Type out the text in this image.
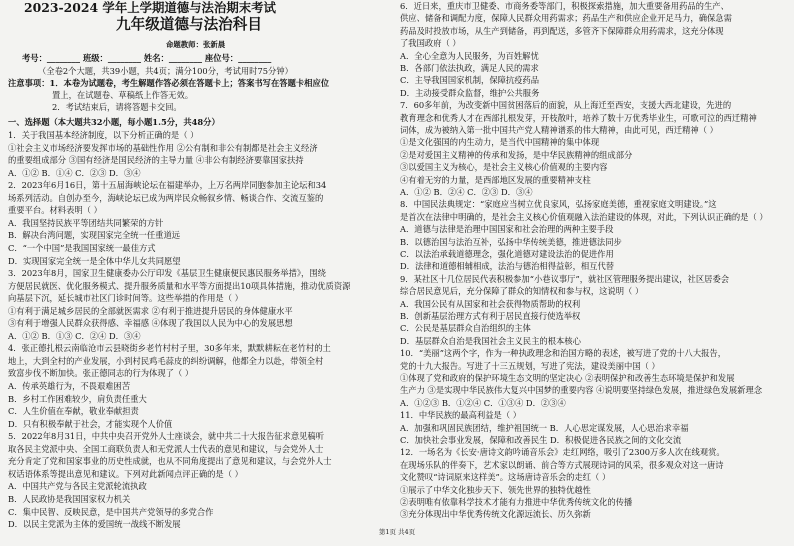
2023-2024 学年上学期道德与法治期末考试
九年级道德与法治科目
命题教师：张新晨
考号：________ 班级：________ 姓名：________ 座位号：________
（全卷2个大题，共39小题，共4页；满分100分，考试用时75分钟）
注意事项：1．本卷为试题卷，考生解题作答必须在答题卡上；答案书写在答题卡相应位
置上，在试题卷、草稿纸上作答无效。
2．考试结束后，请将答题卡交回。
一、选择题（本大题共32小题，每小题1.5分，共48分）
1．关于我国基本经济制度，以下分析正确的是（ ）
①社会主义市场经济要发挥市场的基础性作用 ②公有制和非公有制都是社会主义经济
的重要组成部分 ③国有经济是国民经济的主导力量 ④非公有制经济要靠国家扶持
A．①② B．①④ C．②③ D．③④
2．2023年6月16日，第十五届海峡论坛在福建举办，上万名两岸同胞参加主论坛和34
场系列活动。自创办至今，海峡论坛已成为两岸民众畅叙乡情、畅谈合作、交流互鉴的
重要平台。材料表明（ ）
A．我国坚持民族平等团结共同繁荣的方针
B．解决台湾问题，实现国家完全统一任重道远
C．“一个中国”是我国国家统一最佳方式
D．实现国家完全统一是全体中华儿女共同愿望
3．2023年8月，国家卫生健康委办公厅印发《基层卫生健康便民惠民服务举措》，围绕
方便居民就医、优化服务模式、提升服务质量和水平等方面提出10项具体措施，推动优质资源
向基层下沉，延长城市社区门诊时间等。这些举措的作用是（ ）
①有利于满足城乡居民的全部就医需求 ②有利于推进提升居民的身体健康水平
③有利于增强人民群众获得感、幸福感 ④体现了我国以人民为中心的发展思想
A．①② B．①③ C．②④ D．③④
4．张正德扎根云南临沧市云县晓街乡老竹村村子里，30多年来，默默耕耘在老竹村的土
地上，大到全村的产业发展，小到村民鸡毛蒜皮的纠纷调解，他都全力以赴，带领全村
致富步伐不断加快。张正德同志的行为体现了（ ）
A．传承英雄行为，不畏艰难困苦
B．乡村工作困难较少，肩负责任重大
C．人生价值在奉献，敬业奉献担责
D．只有积极奉献于社会，才能实现个人价值
5．2022年8月31日，中共中央召开党外人士座谈会，就中共二十大报告征求意见稿听
取各民主党派中央、全国工商联负责人和无党派人士代表的意见和建议，与会党外人士
充分肯定了党和国家事业的历史性成就，也从不同角度提出了意见和建议，与会党外人士
权话语体系等提出意见和建议。下列对此新闻点评正确的是（ ）
A．中国共产党与各民主党派轮流执政
B．人民政协是我国国家权力机关
C．集中民智、反映民意，是中国共产党领导的多党合作
D．以民主党派为主体的爱国统一战线不断发展
6．近日来，重庆市卫健委、市商务委等部门，积极探索措施，加大重要备用药品的生产、
供应、储备和调配力度，保障人民群众用药需求；药品生产和供应企业开足马力，确保急需
药品及时投放市场，从生产到储备，再到配送，多管齐下保障群众用药需求，这充分体现
了我国政府（ ）
A．全心全意为人民服务，为百姓解忧
B．各部门依法执政，满足人民的需求
C．主导我国国家机制，保障抗疫药品
D．主动接受群众监督，维护公共服务
7．60多年前，为改变新中国贫困落后的面貌，从上海迁至西安，支援大西北建设，先进的
教育理念和优秀人才在西部扎根发芽，开枝散叶，培养了数十万优秀毕业生，可歌可泣的西迁精神
词体，成为被纳入第一批中国共产党人精神谱系的伟大精神，由此可见，西迁精神（ ）
①是文化强国的内生动力，是当代中国精神的集中体现
②是对爱国主义精神的传承和发扬，是中华民族精神的组成部分
③以爱国主义为核心，是社会主义核心价值观的主要内容
④有着无穷的力量，是西部地区发展的重要精神支柱
A．①② B．②④ C．②③ D．③④
8．中国民法典规定：“家庭应当树立优良家风，弘扬家庭美德，重视家庭文明建设。”这
是首次在法律中明确的，是社会主义核心价值观融入法治建设的体现，对此，下列认识正确的是（ ）
A．道德与法律是治理中国国家和社会治理的两种主要手段
B．以德治国与法治互补，弘扬中华传统美德，推进德法同步
C．以法治承载道德理念，强化道德对建设法治的促进作用
D．法律和道德相辅相成，法治与德治相得益彰，相互代替
9．某社区十几位居民代表积极参加“小巷议事厅”，就社区管理服务提出建议，社区居委会
综合居民意见后，充分保障了群众的知情权和参与权，这说明（ ）
A．我国公民有从国家和社会获得物质帮助的权利
B．创新基层治理方式有利于居民直接行使选举权
C．公民是基层群众自治组织的主体
D．基层群众自治是我国社会主义民主的根本核心
10．“美丽”这两个字，作为一种执政理念和治国方略的表述，被写进了党的十八大报告，
党的十九大报告。写进了十三五规划，写进了宪法，建设美丽中国（ ）
①体现了党和政府的保护环境生态文明的坚定决心 ②表明保护和改善生态环境是保护和发展
生产力 ③是实现中华民族伟大复兴中国梦的重要内容 ④说明要坚持绿色发展，推进绿色发展新理念
A．①②③ B．①②④ C．①③④ D．②③④
11．中华民族的最高利益是（ ）
A．加强和巩固民族团结，维护祖国统一 B．人心思定谋发展，人心思治求幸福
C．加快社会事业发展，保障和改善民生 D．积极促进各民族之间的文化交流
12．一场名为《长安·唐诗文韵吟诵音乐会》走红网络，吸引了2300万多人次在线观赏。
在现场乐队的伴奏下，艺术家以朗诵、前合等方式展现诗词的风采，很多观众对这一唐诗
文化赞叹“诗词原来这样美”。这场唐诗音乐会的走红（ ）
①展示了中华文化独步天下、领先世界的独特优越性
②表明唯有依靠科学技术才能有力推进中华优秀传统文化的传播
③充分体现出中华优秀传统文化源远流长、历久弥新
第1页 共4页
